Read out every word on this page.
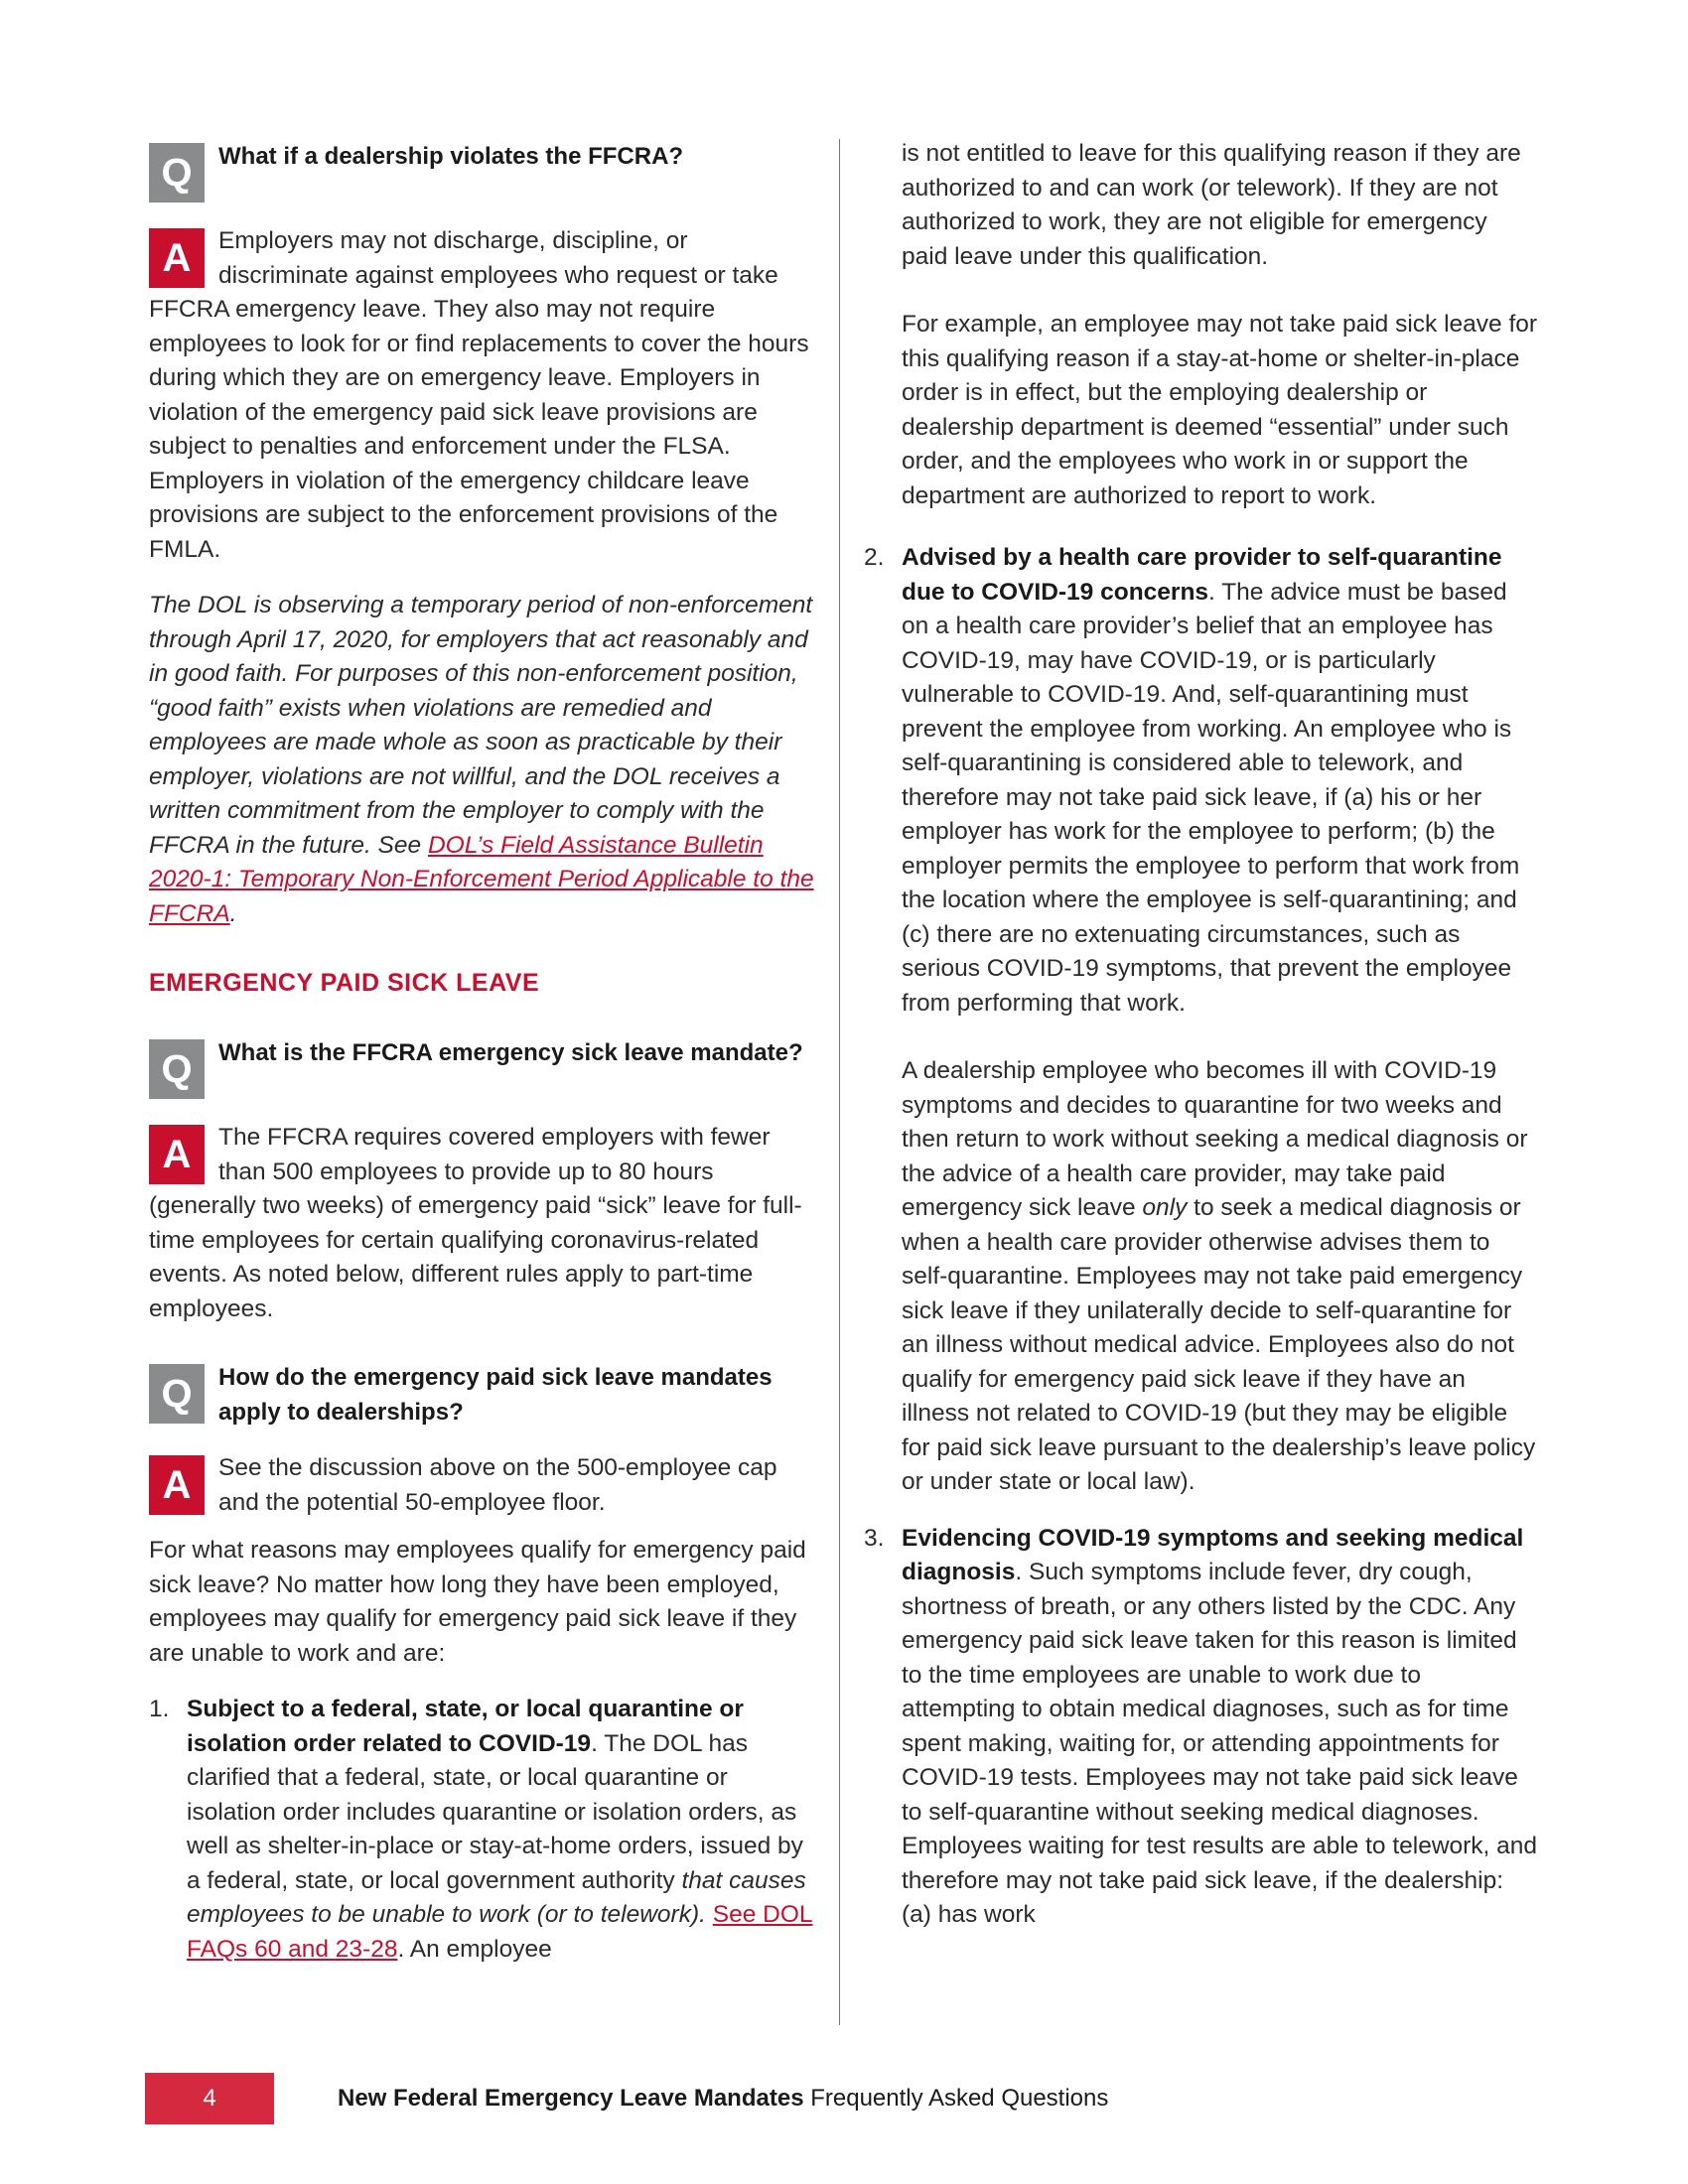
Q	What if a dealership violates the FFCRA?
A	Employers may not discharge, discipline, or discriminate against employees who request or take FFCRA emergency leave. They also may not require employees to look for or find replacements to cover the hours during which they are on emergency leave. Employers in violation of the emergency paid sick leave provisions are subject to penalties and enforcement under the FLSA. Employers in violation of the emergency childcare leave provisions are subject to the enforcement provisions of the FMLA.

The DOL is observing a temporary period of non-enforcement through April 17, 2020, for employers that act reasonably and in good faith. For purposes of this non-enforcement position, “good faith” exists when violations are remedied and employees are made whole as soon as practicable by their employer, violations are not willful, and the DOL receives a written commitment from the employer to comply with the FFCRA in the future. See DOL’s Field Assistance Bulletin 2020-1: Temporary Non-Enforcement Period Applicable to the FFCRA.

EMERGENCY PAID SICK LEAVE
Q	What is the FFCRA emergency sick leave mandate?
A	The FFCRA requires covered employers with fewer than 500 employees to provide up to 80 hours (generally two weeks) of emergency paid “sick” leave for full-time employees for certain qualifying coronavirus-related events. As noted below, different rules apply to part-time employees.

Q	How do the emergency paid sick leave mandates apply to dealerships?
A	See the discussion above on the 500-employee cap and the potential 50-employee floor.

For what reasons may employees qualify for emergency paid sick leave? No matter how long they have been employed, employees may qualify for emergency paid sick leave if they are unable to work and are:

1. Subject to a federal, state, or local quarantine or isolation order related to COVID-19. The DOL has clarified that a federal, state, or local quarantine or isolation order includes quarantine or isolation orders, as well as shelter-in-place or stay-at-home orders, issued by a federal, state, or local government authority that causes employees to be unable to work (or to telework). See DOL FAQs 60 and 23-28. An employee

is not entitled to leave for this qualifying reason if they are authorized to and can work (or telework). If they are not authorized to work, they are not eligible for emergency paid leave under this qualification.

For example, an employee may not take paid sick leave for this qualifying reason if a stay-at-home or shelter-in-place order is in effect, but the employing dealership or dealership department is deemed “essential” under such order, and the employees who work in or support the department are authorized to report to work.

2. Advised by a health care provider to self-quarantine due to COVID-19 concerns. The advice must be based on a health care provider’s belief that an employee has COVID-19, may have COVID-19, or is particularly vulnerable to COVID-19. And, self-quarantining must prevent the employee from working. An employee who is self-quarantining is considered able to telework, and therefore may not take paid sick leave, if (a) his or her employer has work for the employee to perform; (b) the employer permits the employee to perform that work from the location where the employee is self-quarantining; and (c) there are no extenuating circumstances, such as serious COVID-19 symptoms, that prevent the employee from performing that work.

A dealership employee who becomes ill with COVID-19 symptoms and decides to quarantine for two weeks and then return to work without seeking a medical diagnosis or the advice of a health care provider, may take paid emergency sick leave only to seek a medical diagnosis or when a health care provider otherwise advises them to self-quarantine. Employees may not take paid emergency sick leave if they unilaterally decide to self-quarantine for an illness without medical advice. Employees also do not qualify for emergency paid sick leave if they have an illness not related to COVID-19 (but they may be eligible for paid sick leave pursuant to the dealership’s leave policy or under state or local law).

3. Evidencing COVID-19 symptoms and seeking medical diagnosis. Such symptoms include fever, dry cough, shortness of breath, or any others listed by the CDC. Any emergency paid sick leave taken for this reason is limited to the time employees are unable to work due to attempting to obtain medical diagnoses, such as for time spent making, waiting for, or attending appointments for COVID-19 tests. Employees may not take paid sick leave to self-quarantine without seeking medical diagnoses. Employees waiting for test results are able to telework, and therefore may not take paid sick leave, if the dealership: (a) has work
4	New Federal Emergency Leave Mandates Frequently Asked Questions
